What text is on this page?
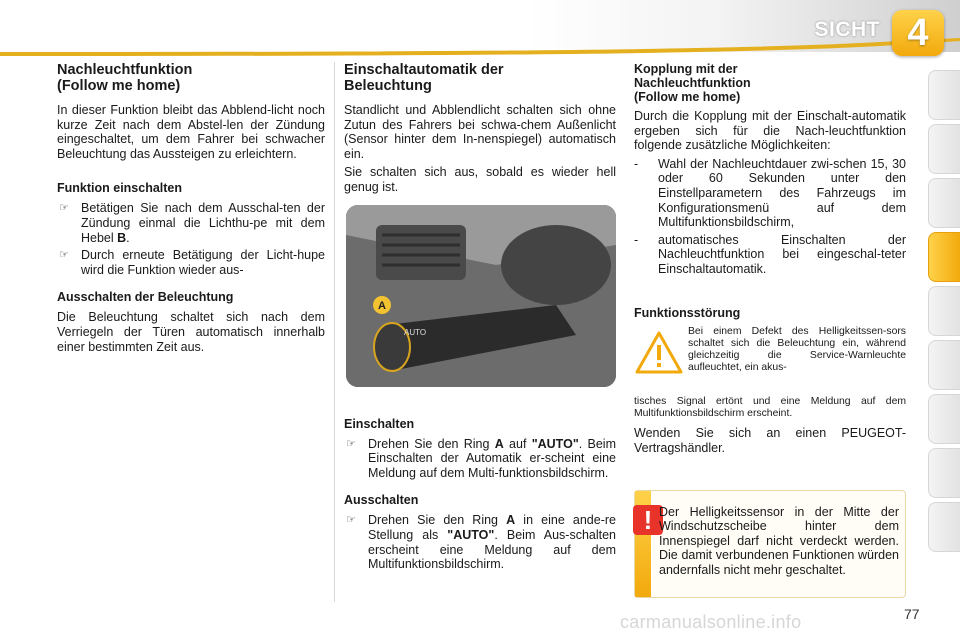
SICHT 4
Nachleuchtfunktion
(Follow me home)

In dieser Funktion bleibt das Abblend-licht noch kurze Zeit nach dem Abstel-len der Zündung eingeschaltet, um dem Fahrer bei schwacher Beleuchtung das Aussteigen zu erleichtern.

Funktion einschalten
☞ Betätigen Sie nach dem Ausschal-ten der Zündung einmal die Lichthu-pe mit dem Hebel B.
☞ Durch erneute Betätigung der Licht-hupe wird die Funktion wieder aus-
Ausschalten der Beleuchtung

Die Beleuchtung schaltet sich nach dem Verriegeln der Türen automatisch innerhalb einer bestimmten Zeit aus.

Einschaltautomatik der
Beleuchtung

Standlicht und Abblendlicht schalten sich ohne Zutun des Fahrers bei schwa-chem Außenlicht (Sensor hinter dem In-nenspiegel) automatisch ein.

Sie schalten sich aus, sobald es wieder hell genug ist.

A
AUTO
Einschalten
☞ Drehen Sie den Ring A auf "AUTO". Beim Einschalten der Automatik er-scheint eine Meldung auf dem Multi-funktionsbildschirm.
Ausschalten
☞ Drehen Sie den Ring A in eine ande-re Stellung als "AUTO". Beim Aus-schalten erscheint eine Meldung auf dem Multifunktionsbildschirm.
Kopplung mit der
Nachleuchtfunktion
(Follow me home)

Durch die Kopplung mit der Einschalt-automatik ergeben sich für die Nach-leuchtfunktion folgende zusätzliche Möglichkeiten:

-	Wahl der Nachleuchtdauer zwi-schen 15, 30 oder 60 Sekunden unter den Einstellparametern des Fahrzeugs im Konfigurationsmenü auf dem Multifunktionsbildschirm,
-	automatisches Einschalten der Nachleuchtfunktion bei eingeschal-teter Einschaltautomatik.
Funktionsstörung

Bei einem Defekt des Helligkeitssen-sors schaltet sich die Beleuchtung ein, während gleichzeitig die Service-Warnleuchte aufleuchtet, ein akus-

tisches Signal ertönt und eine Meldung auf dem Multifunktionsbildschirm erscheint.

Wenden Sie sich an einen PEUGEOT-Vertragshändler.

! Der Helligkeitssensor in der Mitte der Windschutzscheibe hinter dem Innenspiegel darf nicht verdeckt werden. Die damit verbundenen Funktionen würden andernfalls nicht mehr geschaltet.

carmanualsonline.info	77
